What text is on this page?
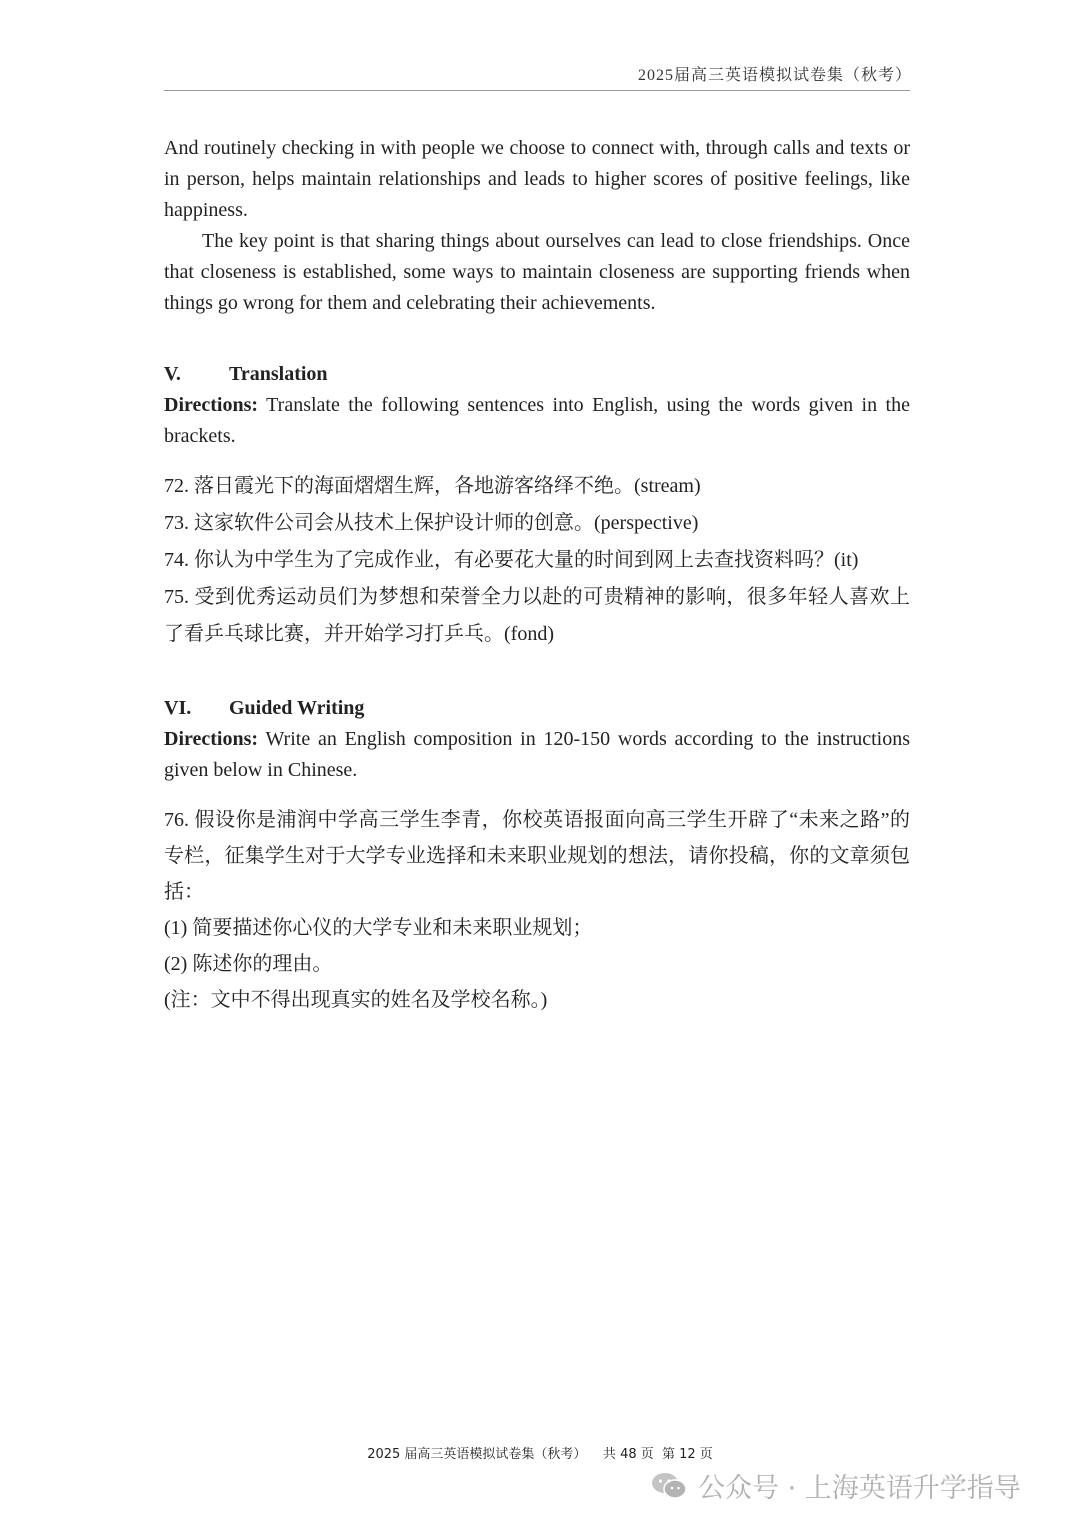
2025届高三英语模拟试卷集（秋考）

And routinely checking in with people we choose to connect with, through calls and texts or in person, helps maintain relationships and leads to higher scores of positive feelings, like happiness.

The key point is that sharing things about ourselves can lead to close friendships. Once that closeness is established, some ways to maintain closeness are supporting friends when things go wrong for them and celebrating their achievements.

V.	Translation

Directions: Translate the following sentences into English, using the words given in the brackets.

72. 落日霞光下的海面熠熠生辉，各地游客络绎不绝。(stream)
73. 这家软件公司会从技术上保护设计师的创意。(perspective)
74. 你认为中学生为了完成作业，有必要花大量的时间到网上去查找资料吗？(it)
75. 受到优秀运动员们为梦想和荣誉全力以赴的可贵精神的影响，很多年轻人喜欢上了看乒乓球比赛，并开始学习打乒乓。(fond)
VI.	Guided Writing

Directions: Write an English composition in 120-150 words according to the instructions given below in Chinese.

76. 假设你是浦润中学高三学生李青，你校英语报面向高三学生开辟了“未来之路”的专栏，征集学生对于大学专业选择和未来职业规划的想法，请你投稿，你的文章须包括：

(1) 简要描述你心仪的大学专业和未来职业规划；

(2) 陈述你的理由。

(注：文中不得出现真实的姓名及学校名称。)

2025 届高三英语模拟试卷集（秋考）    共 48 页  第 12 页
公众号 · 上海英语升学指导
